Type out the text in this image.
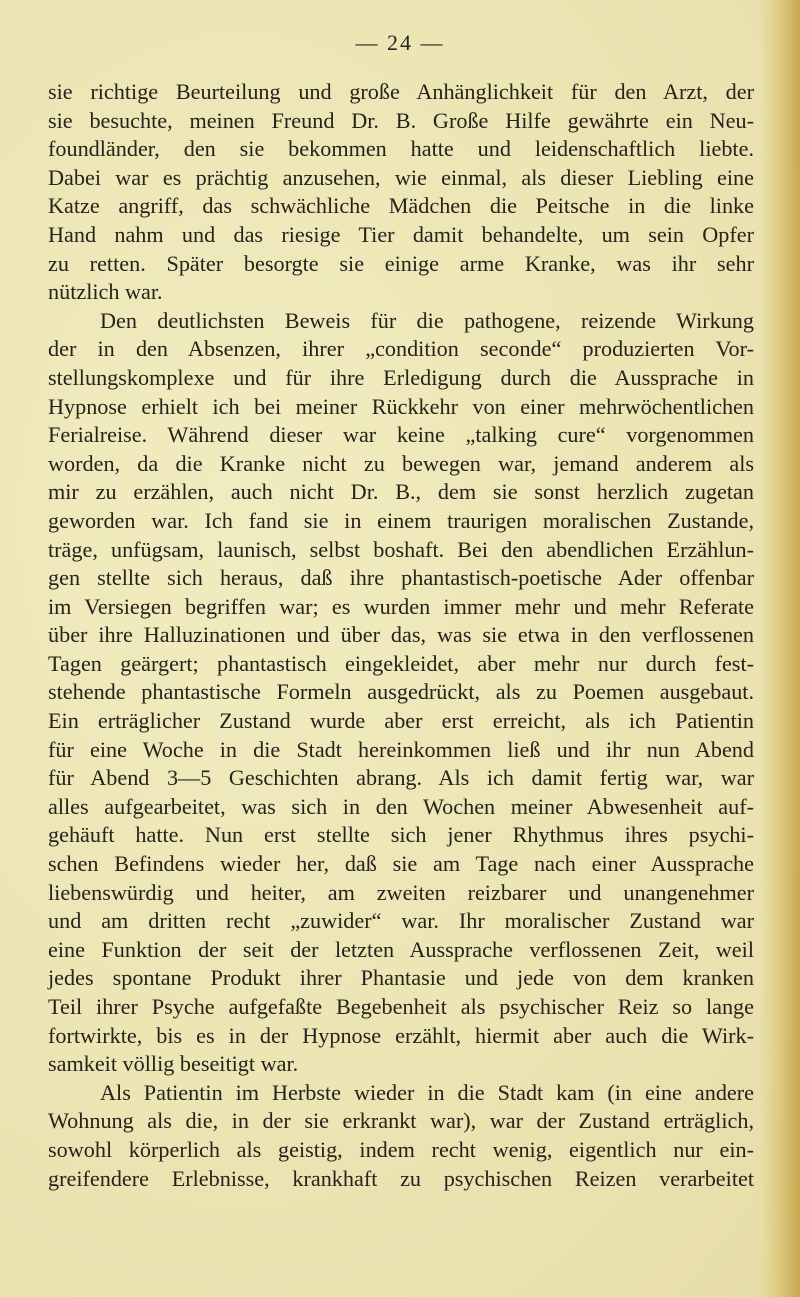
— 24 —
sie richtige Beurteilung und große Anhänglichkeit für den Arzt, der
sie besuchte, meinen Freund Dr. B. Große Hilfe gewährte ein Neu-
foundländer, den sie bekommen hatte und leidenschaftlich liebte.
Dabei war es prächtig anzusehen, wie einmal, als dieser Liebling eine
Katze angriff, das schwächliche Mädchen die Peitsche in die linke
Hand nahm und das riesige Tier damit behandelte, um sein Opfer
zu retten. Später besorgte sie einige arme Kranke, was ihr sehr
nützlich war.
Den deutlichsten Beweis für die pathogene, reizende Wirkung
der in den Absenzen, ihrer „condition seconde“ produzierten Vor-
stellungskomplexe und für ihre Erledigung durch die Aussprache in
Hypnose erhielt ich bei meiner Rückkehr von einer mehrwöchentlichen
Ferialreise. Während dieser war keine „talking cure“ vorgenommen
worden, da die Kranke nicht zu bewegen war, jemand anderem als
mir zu erzählen, auch nicht Dr. B., dem sie sonst herzlich zugetan
geworden war. Ich fand sie in einem traurigen moralischen Zustande,
träge, unfügsam, launisch, selbst boshaft. Bei den abendlichen Erzählun-
gen stellte sich heraus, daß ihre phantastisch-poetische Ader offenbar
im Versiegen begriffen war; es wurden immer mehr und mehr Referate
über ihre Halluzinationen und über das, was sie etwa in den verflossenen
Tagen geärgert; phantastisch eingekleidet, aber mehr nur durch fest-
stehende phantastische Formeln ausgedrückt, als zu Poemen ausgebaut.
Ein erträglicher Zustand wurde aber erst erreicht, als ich Patientin
für eine Woche in die Stadt hereinkommen ließ und ihr nun Abend
für Abend 3—5 Geschichten abrang. Als ich damit fertig war, war
alles aufgearbeitet, was sich in den Wochen meiner Abwesenheit auf-
gehäuft hatte. Nun erst stellte sich jener Rhythmus ihres psychi-
schen Befindens wieder her, daß sie am Tage nach einer Aussprache
liebenswürdig und heiter, am zweiten reizbarer und unangenehmer
und am dritten recht „zuwider“ war. Ihr moralischer Zustand war
eine Funktion der seit der letzten Aussprache verflossenen Zeit, weil
jedes spontane Produkt ihrer Phantasie und jede von dem kranken
Teil ihrer Psyche aufgefaßte Begebenheit als psychischer Reiz so lange
fortwirkte, bis es in der Hypnose erzählt, hiermit aber auch die Wirk-
samkeit völlig beseitigt war.
Als Patientin im Herbste wieder in die Stadt kam (in eine andere
Wohnung als die, in der sie erkrankt war), war der Zustand erträglich,
sowohl körperlich als geistig, indem recht wenig, eigentlich nur ein-
greifendere Erlebnisse, krankhaft zu psychischen Reizen verarbeitet
